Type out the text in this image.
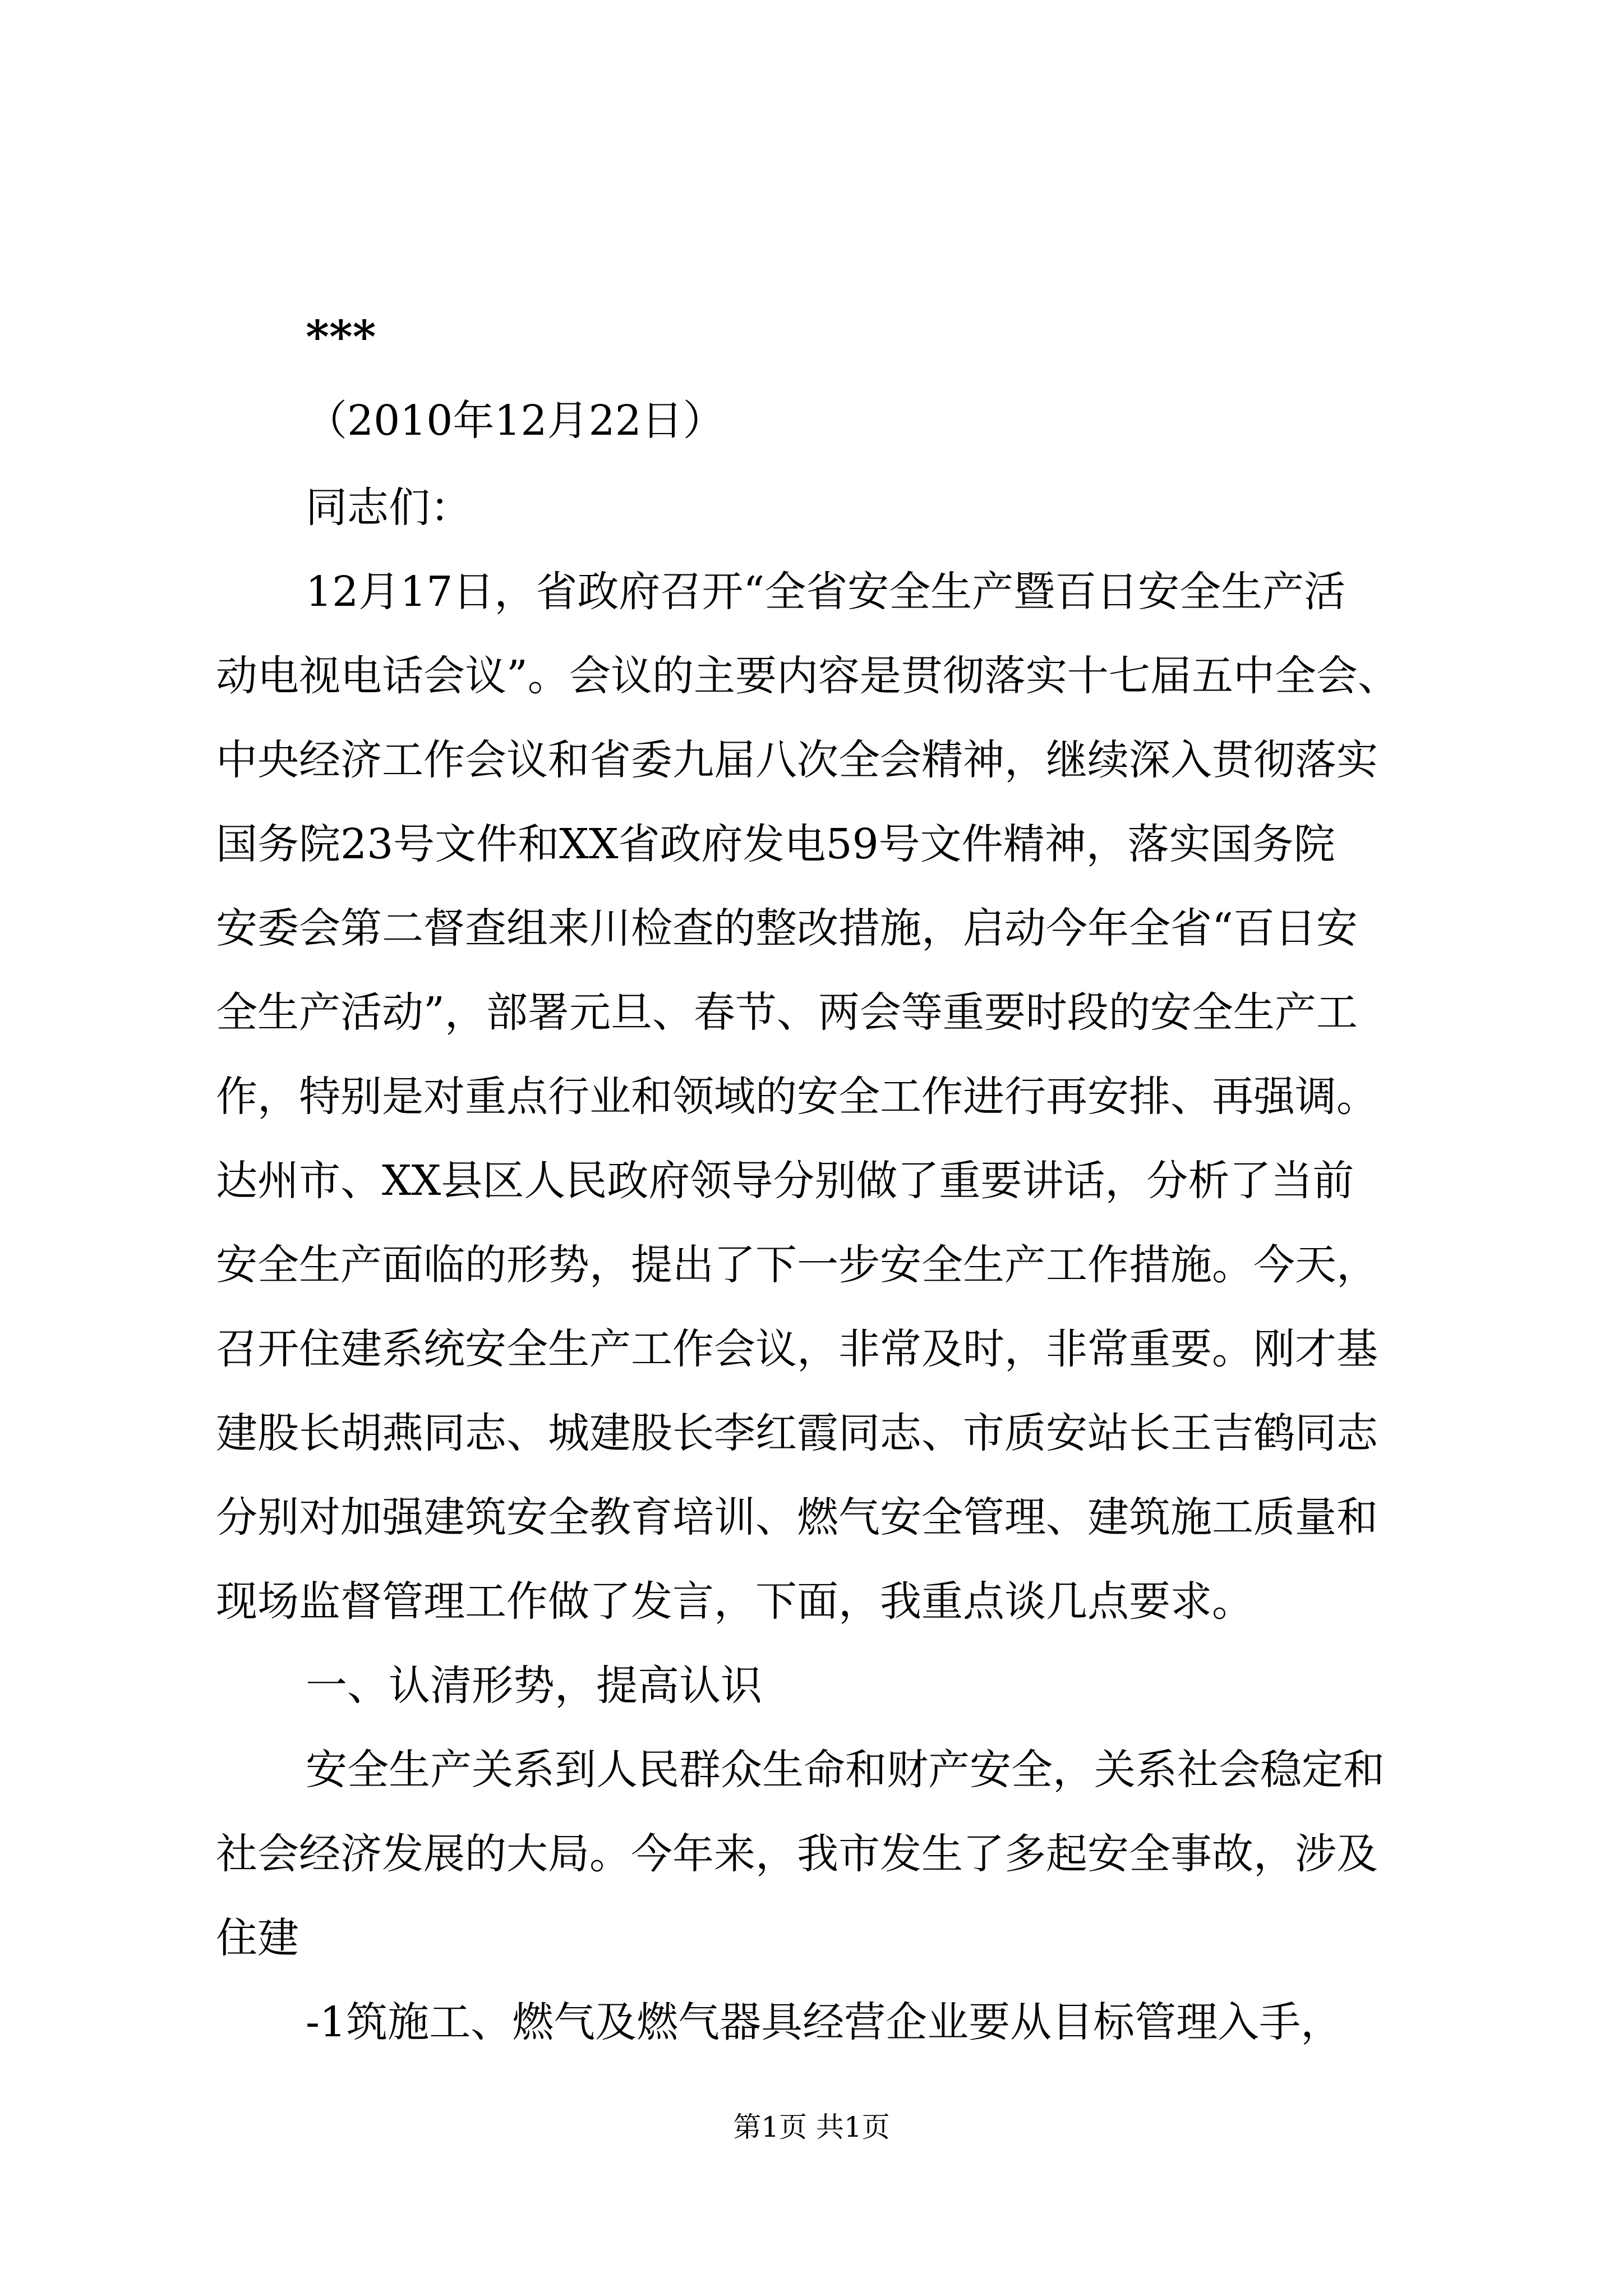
***
（2010年12月22日）
同志们：
12月17日，省政府召开“全省安全生产暨百日安全生产活
动电视电话会议”。会议的主要内容是贯彻落实十七届五中全会、
中央经济工作会议和省委九届八次全会精神，继续深入贯彻落实
国务院23号文件和XX省政府发电59号文件精神，落实国务院
安委会第二督查组来川检查的整改措施，启动今年全省“百日安
全生产活动”，部署元旦、春节、两会等重要时段的安全生产工
作，特别是对重点行业和领域的安全工作进行再安排、再强调。
达州市、XX县区人民政府领导分别做了重要讲话，分析了当前
安全生产面临的形势，提出了下一步安全生产工作措施。今天，
召开住建系统安全生产工作会议，非常及时，非常重要。刚才基
建股长胡燕同志、城建股长李红霞同志、市质安站长王吉鹤同志
分别对加强建筑安全教育培训、燃气安全管理、建筑施工质量和
现场监督管理工作做了发言，下面，我重点谈几点要求。
一、认清形势，提高认识
安全生产关系到人民群众生命和财产安全，关系社会稳定和
社会经济发展的大局。今年来，我市发生了多起安全事故，涉及
住建
-1筑施工、燃气及燃气器具经营企业要从目标管理入手，
第1页 共1页
